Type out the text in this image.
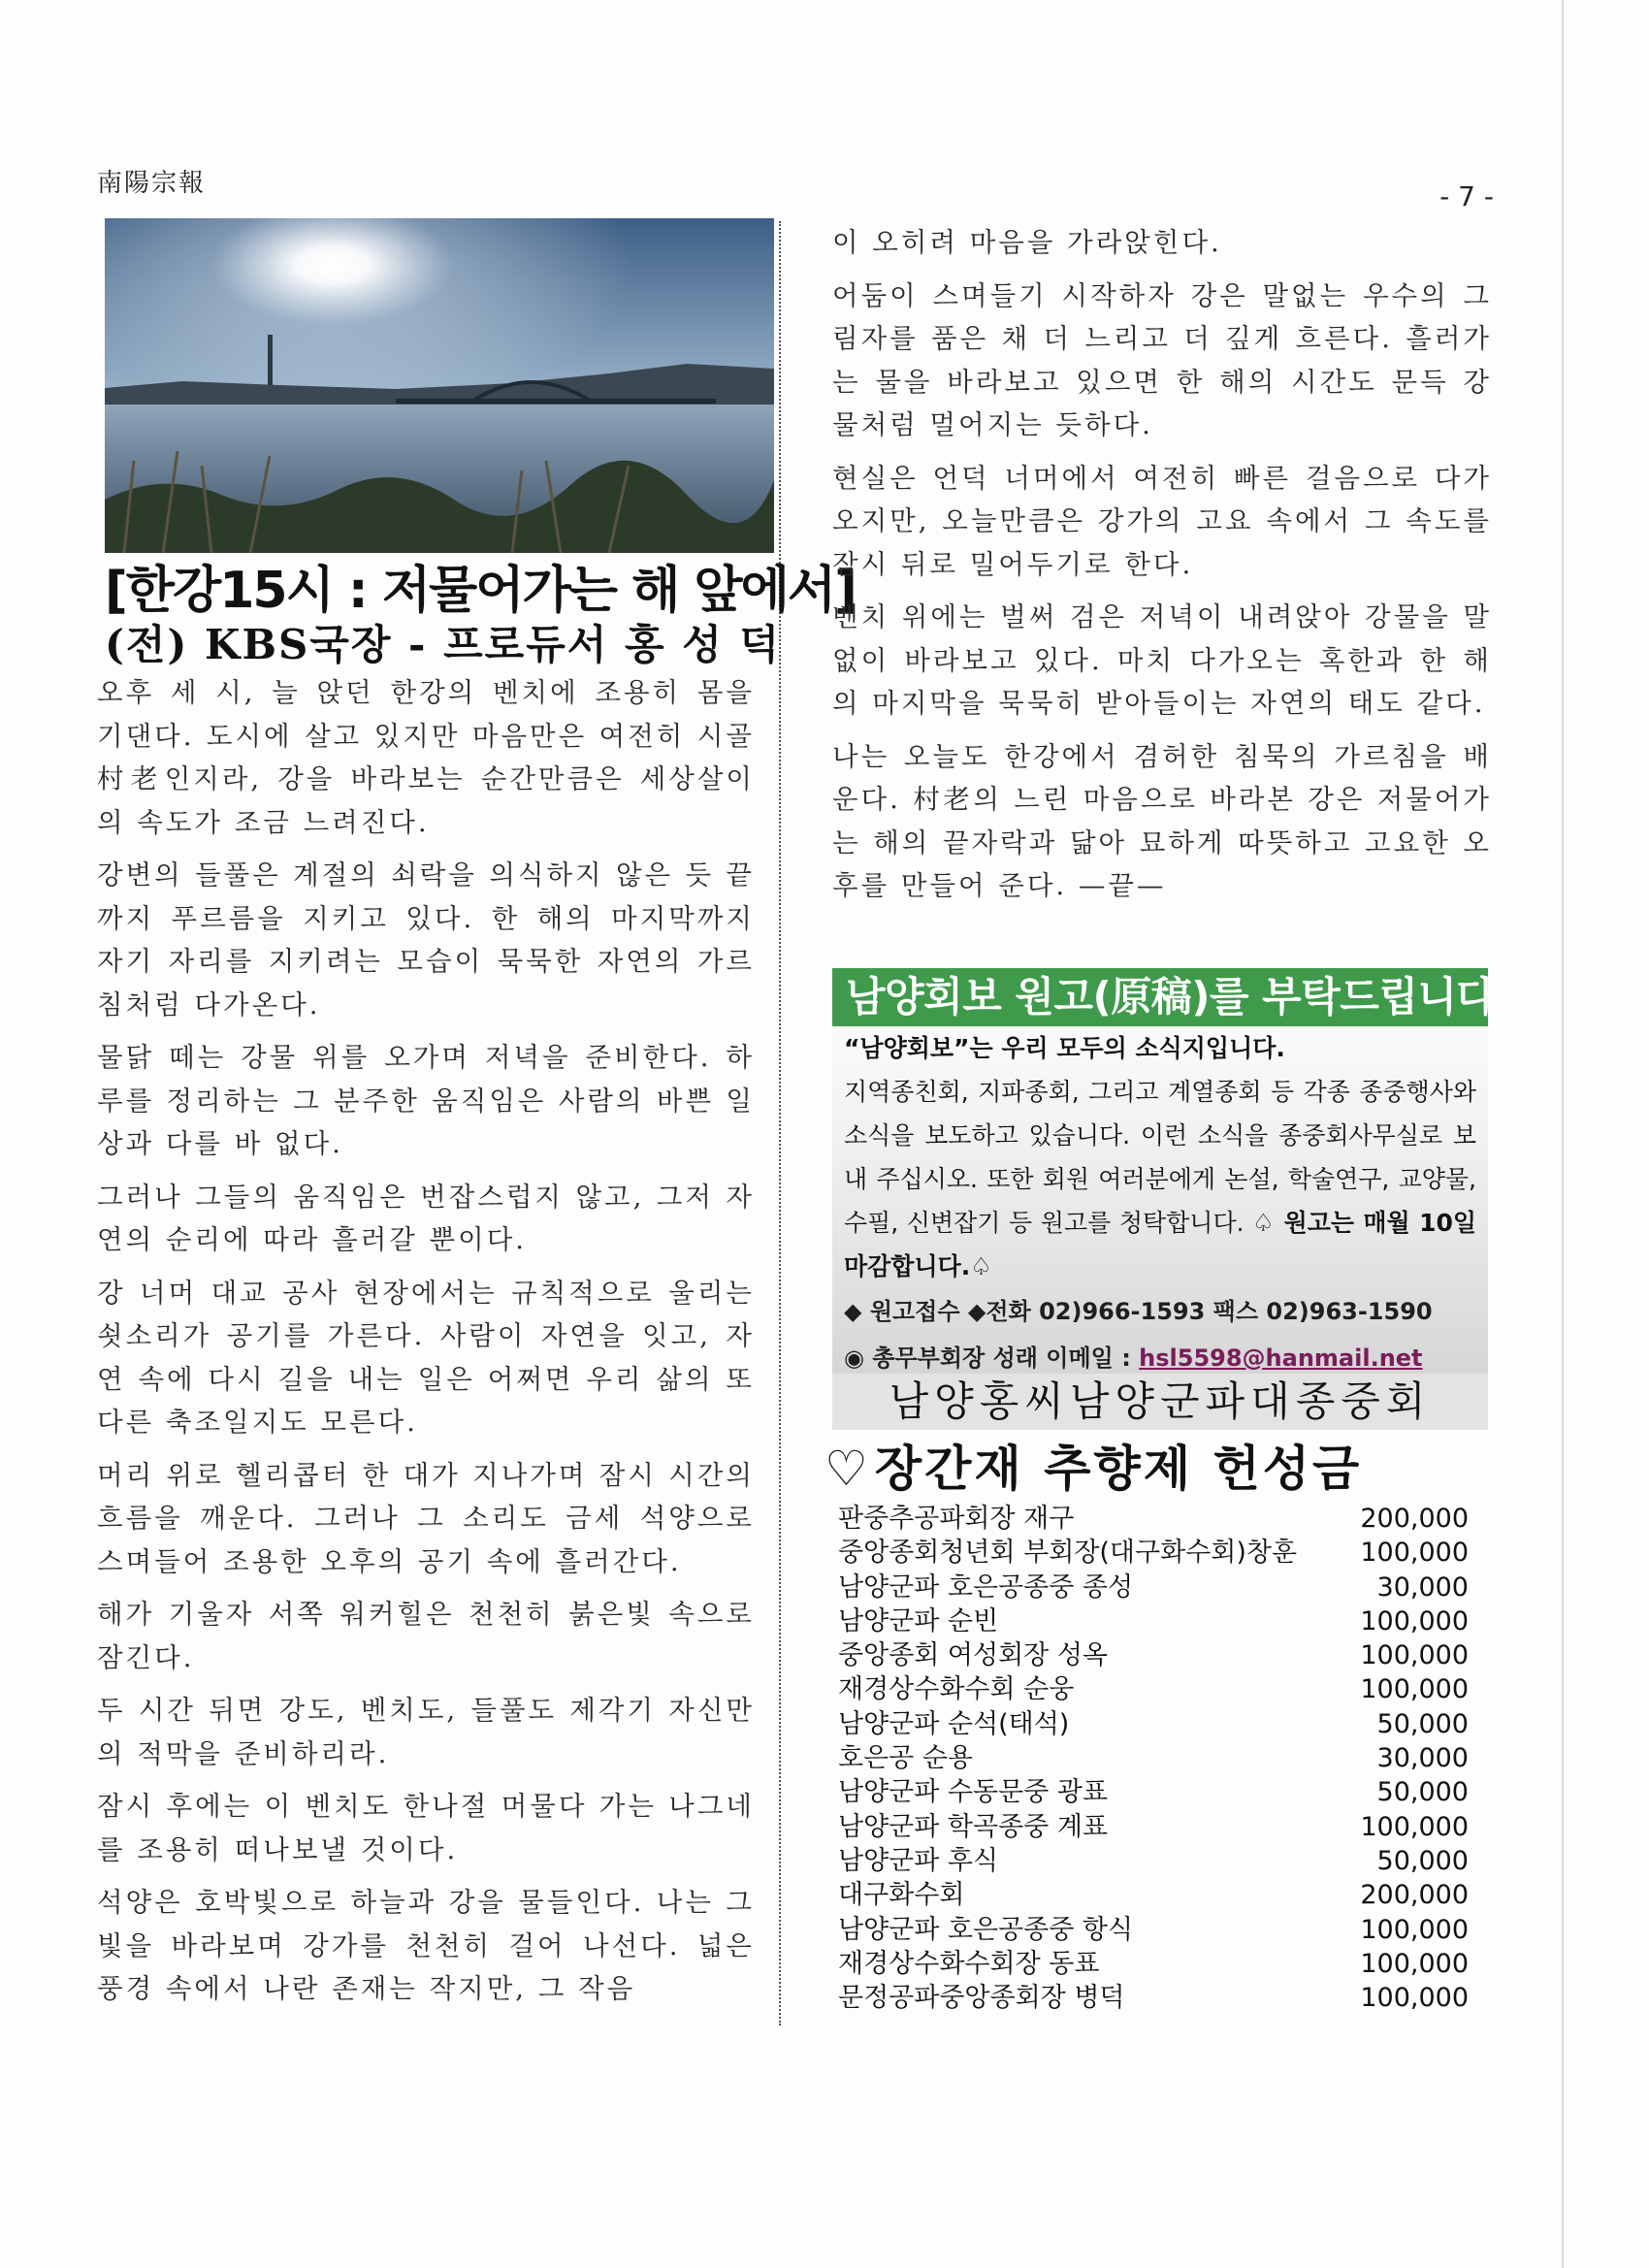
南陽宗報	- 7 -
[한강15시 : 저물어가는 해 앞에서]
(전) KBS국장 - 프로듀서 홍 성 덕

오후 세 시, 늘 앉던 한강의 벤치에 조용히 몸을 기댄다. 도시에 살고 있지만 마음만은 여전히 시골 村老인지라, 강을 바라보는 순간만큼은 세상살이의 속도가 조금 느려진다.

강변의 들풀은 계절의 쇠락을 의식하지 않은 듯 끝까지 푸르름을 지키고 있다. 한 해의 마지막까지 자기 자리를 지키려는 모습이 묵묵한 자연의 가르침처럼 다가온다.

물닭 떼는 강물 위를 오가며 저녁을 준비한다. 하루를 정리하는 그 분주한 움직임은 사람의 바쁜 일상과 다를 바 없다.

그러나 그들의 움직임은 번잡스럽지 않고, 그저 자연의 순리에 따라 흘러갈 뿐이다.

강 너머 대교 공사 현장에서는 규칙적으로 울리는 쇳소리가 공기를 가른다. 사람이 자연을 잇고, 자연 속에 다시 길을 내는 일은 어쩌면 우리 삶의 또 다른 축조일지도 모른다.

머리 위로 헬리콥터 한 대가 지나가며 잠시 시간의 흐름을 깨운다. 그러나 그 소리도 금세 석양으로 스며들어 조용한 오후의 공기 속에 흘러간다.

해가 기울자 서쪽 워커힐은 천천히 붉은빛 속으로 잠긴다.

두 시간 뒤면 강도, 벤치도, 들풀도 제각기 자신만의 적막을 준비하리라.

잠시 후에는 이 벤치도 한나절 머물다 가는 나그네를 조용히 떠나보낼 것이다.

석양은 호박빛으로 하늘과 강을 물들인다. 나는 그 빛을 바라보며 강가를 천천히 걸어 나선다. 넓은 풍경 속에서 나란 존재는 작지만, 그 작음

이 오히려 마음을 가라앉힌다.

어둠이 스며들기 시작하자 강은 말없는 우수의 그림자를 품은 채 더 느리고 더 깊게 흐른다. 흘러가는 물을 바라보고 있으면 한 해의 시간도 문득 강물처럼 멀어지는 듯하다.

현실은 언덕 너머에서 여전히 빠른 걸음으로 다가오지만, 오늘만큼은 강가의 고요 속에서 그 속도를 잠시 뒤로 밀어두기로 한다.

벤치 위에는 벌써 검은 저녁이 내려앉아 강물을 말없이 바라보고 있다. 마치 다가오는 혹한과 한 해의 마지막을 묵묵히 받아들이는 자연의 태도 같다.

나는 오늘도 한강에서 겸허한 침묵의 가르침을 배운다. 村老의 느린 마음으로 바라본 강은 저물어가는 해의 끝자락과 닮아 묘하게 따뜻하고 고요한 오후를 만들어 준다. —끝—

남양회보 원고(原稿)를 부탁드립니다.
“남양회보”는 우리 모두의 소식지입니다.
지역종친회, 지파종회, 그리고 계열종회 등 각종 종중행사와 소식을 보도하고 있습니다. 이런 소식을 종중회사무실로 보내 주십시오. 또한 회원 여러분에게 논설, 학술연구, 교양물, 수필, 신변잡기 등 원고를 청탁합니다. ♤ 원고는 매월 10일 마감합니다.♤
◆ 원고접수 ◆전화 02)966-1593 팩스 02)963-1590
◉ 총무부회장 성래 이메일 : hsl5598@hanmail.net
남양홍씨남양군파대종중회
♡장간재 추향제 헌성금
판중추공파회장 재구	200,000
중앙종회청년회 부회장(대구화수회)창훈 100,000
남양군파 호은공종중 종성	30,000
남양군파 순빈	100,000
중앙종회 여성회장 성옥	100,000
재경상수화수회 순웅	100,000
남양군파 순석(태석)	50,000
호은공 순용	30,000
남양군파 수동문중 광표	50,000
남양군파 학곡종중 계표	100,000
남양군파 후식	50,000
대구화수회	200,000
남양군파 호은공종중 항식	100,000
재경상수화수회장 동표	100,000
문정공파중앙종회장 병덕	100,000
